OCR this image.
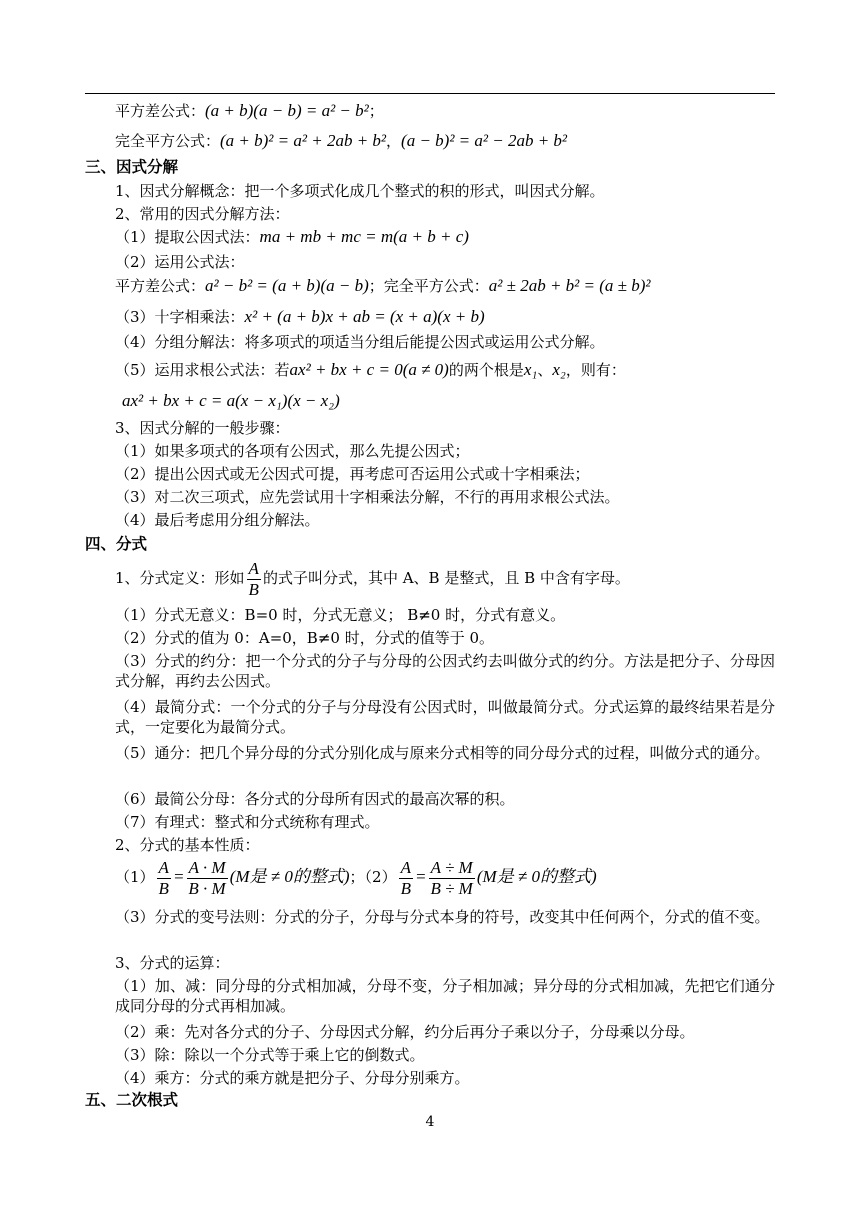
平方差公式：(a + b)(a − b) = a² − b²；
完全平方公式：(a + b)² = a² + 2ab + b²，(a − b)² = a² − 2ab + b²
三、因式分解
1、因式分解概念：把一个多项式化成几个整式的积的形式，叫因式分解。
2、常用的因式分解方法：
（1）提取公因式法：ma + mb + mc = m(a + b + c)
（2）运用公式法：
平方差公式：a² − b² = (a + b)(a − b)；完全平方公式：a² ± 2ab + b² = (a ± b)²
（3）十字相乘法：x² + (a + b)x + ab = (x + a)(x + b)
（4）分组分解法：将多项式的项适当分组后能提公因式或运用公式分解。
（5）运用求根公式法：若ax² + bx + c = 0(a ≠ 0)的两个根是x₁、x₂，则有：
ax² + bx + c = a(x − x₁)(x − x₂)
3、因式分解的一般步骤：
（1）如果多项式的各项有公因式，那么先提公因式；
（2）提出公因式或无公因式可提，再考虑可否运用公式或十字相乘法；
（3）对二次三项式，应先尝试用十字相乘法分解，不行的再用求根公式法。
（4）最后考虑用分组分解法。
四、分式
1、分式定义：形如 $\frac{A}{B}$ 的式子叫分式，其中 A、B 是整式，且 B 中含有字母。
（1）分式无意义：B=0 时，分式无意义； B≠0 时，分式有意义。
（2）分式的值为 0：A=0，B≠0 时，分式的值等于 0。
（3）分式的约分：把一个分式的分子与分母的公因式约去叫做分式的约分。方法是把分子、分母因式分解，再约去公因式。
（4）最简分式：一个分式的分子与分母没有公因式时，叫做最简分式。分式运算的最终结果若是分式，一定要化为最简分式。
（5）通分：把几个异分母的分式分别化成与原来分式相等的同分母分式的过程，叫做分式的通分。
（6）最简公分母：各分式的分母所有因式的最高次幂的积。
（7）有理式：整式和分式统称有理式。
2、分式的基本性质：
$(1) \frac{A}{B} = \frac{A \cdot M}{B \cdot M} (M$是 ≠ 0的整式)；$(2) \frac{A}{B} = \frac{A \div M}{B \div M} (M$是 ≠ 0的整式)
（3）分式的变号法则：分式的分子，分母与分式本身的符号，改变其中任何两个，分式的值不变。
3、分式的运算：
（1）加、减：同分母的分式相加减，分母不变，分子相加减；异分母的分式相加减，先把它们通分成同分母的分式再相加减。
（2）乘：先对各分式的分子、分母因式分解，约分后再分子乘以分子，分母乘以分母。
（3）除：除以一个分式等于乘上它的倒数式。
（4）乘方：分式的乘方就是把分子、分母分别乘方。
五、二次根式
4
